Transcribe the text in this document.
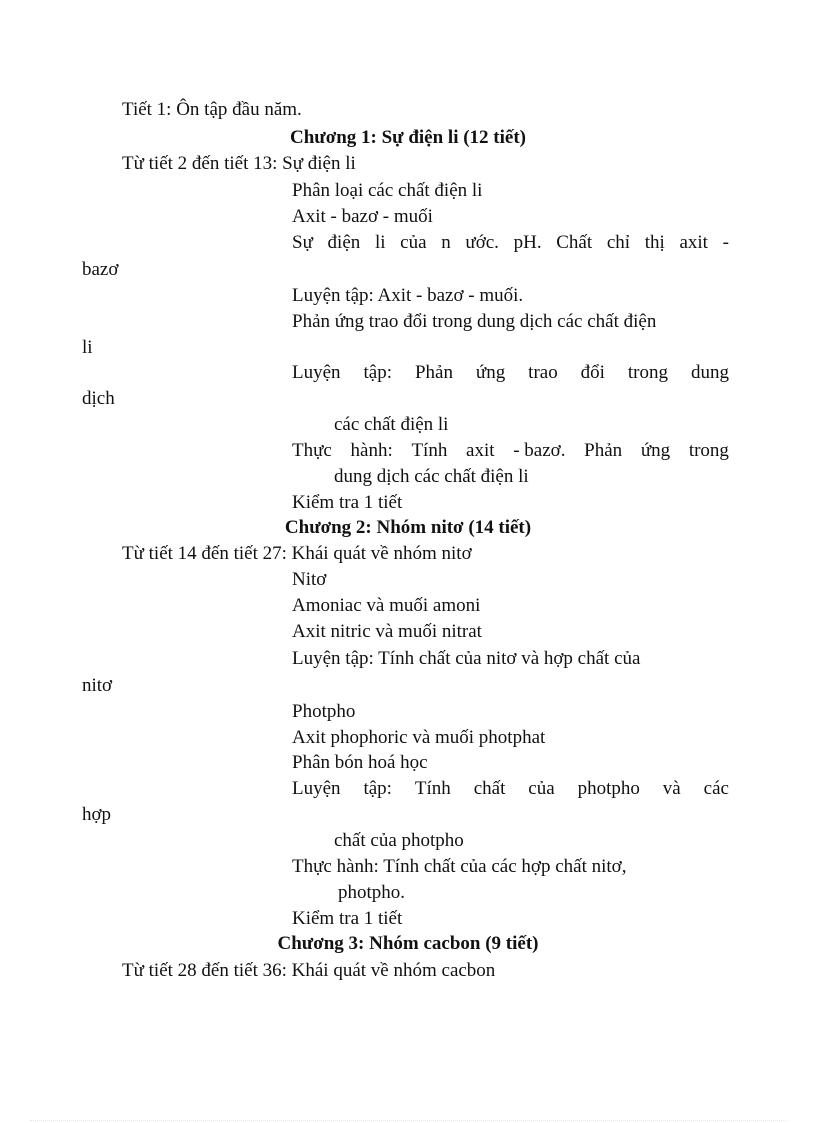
Tiết 1: Ôn tập đầu năm.
Chương 1: Sự điện li (12 tiết)
Từ tiết 2 đến tiết 13: Sự điện li
Phân loại các chất điện li
Axit - bazơ - muối
Sự điện li của n ước. pH. Chất chỉ thị axit -
bazơ
Luyện tập: Axit - bazơ - muối.
Phản ứng trao đổi trong dung dịch các chất điện
li
Luyện tập: Phản ứng trao đổi trong dung
dịch
các chất điện li
Thực hành: Tính axit - bazơ. Phản ứng trong
dung dịch các chất điện li
Kiểm tra 1 tiết
Chương 2: Nhóm nitơ (14 tiết)
Từ tiết 14 đến tiết 27: Khái quát về nhóm nitơ
Nitơ
Amoniac và muối amoni
Axit nitric và muối nitrat
Luyện tập: Tính chất của nitơ và hợp chất của
nitơ
Photpho
Axit phophoric và muối photphat
Phân bón hoá học
Luyện tập: Tính chất của photpho và các
hợp
chất của photpho
Thực hành: Tính chất của các hợp chất nitơ,
photpho.
Kiểm tra 1 tiết
Chương 3: Nhóm cacbon (9 tiết)
Từ tiết 28 đến tiết 36: Khái quát về nhóm cacbon
